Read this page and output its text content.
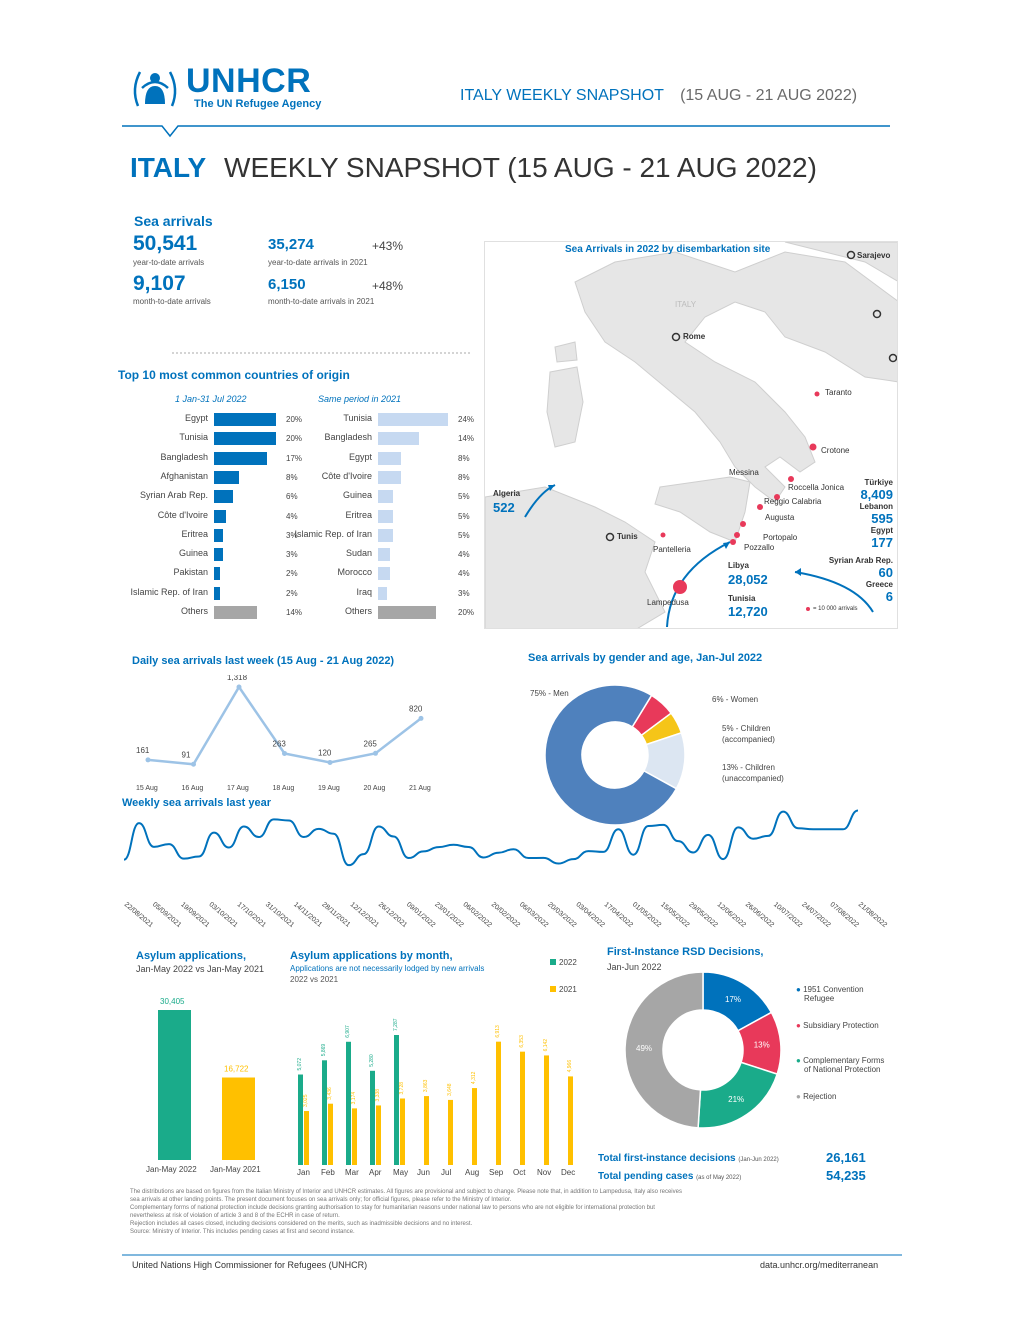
UNHCR
The UN Refugee Agency	ITALY WEEKLY SNAPSHOT (15 AUG - 21 AUG 2022)
ITALY WEEKLY SNAPSHOT (15 AUG - 21 AUG 2022)
Sea arrivals
50,541
year-to-date arrivals
35,274	+43%
year-to-date arrivals in 2021
9,107
month-to-date arrivals
6,150	+48%
month-to-date arrivals in 2021
Top 10 most common countries of origin
1 Jan-31 Jul 2022	Same period in 2021
Egypt	20%
Tunisia	20%
Bangladesh	17%
Afghanistan	8%
Syrian Arab Rep.	6%
Côte d'Ivoire	4%
Eritrea	3%
Guinea	3%
Pakistan	2%
Islamic Rep. of Iran	2%
Others	14%
Tunisia	24%
Bangladesh	14%
Egypt	8%
Côte d'Ivoire	8%
Guinea	5%
Eritrea	5%
Islamic Rep. of Iran	5%
Sudan	4%
Morocco	4%
Iraq	3%
Others	20%
Sea Arrivals in 2022 by disembarkation site
Sarajevo
Rome
ITALY
Taranto
Crotone
Messina
Roccella Jonica
Reggio Calabria
Augusta
Portopalo
Pozzallo
Pantelleria
Lampedusa
Tunis
Algeria
522
Libya
28,052
Tunisia
12,720
Türkiye
8,409
Lebanon
595
Egypt
177
Syrian Arab Rep.
60
Greece
6
= 10 000 arrivals
Daily sea arrivals last week (15 Aug - 21 Aug 2022)
161
15 Aug
91
16 Aug
1,318
17 Aug
263
18 Aug
120
19 Aug
265
20 Aug
820
21 Aug
Sea arrivals by gender and age, Jan-Jul 2022
75% - Men
6% - Women
5% - Children
(accompanied)
13% - Children
(unaccompanied)
Weekly sea arrivals last year
22/08/2021
05/09/2021
19/09/2021
03/10/2021
17/10/2021
31/10/2021
14/11/2021
28/11/2021
12/12/2021
26/12/2021
09/01/2022
23/01/2022
06/02/2022
20/02/2022
06/03/2022
20/03/2022
03/04/2022
17/04/2022
01/05/2022
15/05/2022
29/05/2022
12/06/2022
26/06/2022
10/07/2022
24/07/2022
07/08/2022
21/08/2022
Asylum applications,
Jan-May 2022 vs Jan-May 2021
30,405
Jan-May 2022
16,722
Jan-May 2021
Asylum applications by month,
Applications are not necessarily lodged by new arrivals
2022 vs 2021
2022
2021
5,072
3,025
Jan
5,869
3,436
Feb
6,907
3,174
Mar
5,280
3,338
Apr
7,287
3,728
May
3,863
Jun
3,648
Jul
4,312
Aug
6,913
Sep
6,353
Oct
6,142
Nov
4,966
Dec
First-Instance RSD Decisions,
Jan-Jun 2022
17%
13%
21%
49%
● 1951 Convention
Refugee
● Subsidiary Protection
● Complementary Forms
of National Protection
● Rejection
Total first-instance decisions (Jan-Jun 2022)	26,161
Total pending cases (as of May 2022)	54,235
The distributions are based on figures from the Italian Ministry of Interior and UNHCR estimates. All figures are provisional and subject to change. Please note that, in addition to Lampedusa, Italy also receives
sea arrivals at other landing points. The present document focuses on sea arrivals only; for official figures, please refer to the Ministry of Interior.
Complementary forms of national protection include decisions granting authorisation to stay for humanitarian reasons under national law to persons who are not eligible for international protection but
nevertheless at risk of violation of article 3 and 8 of the ECHR in case of return.
Rejection includes all cases closed, including decisions considered on the merits, such as inadmissible decisions and no interest.
Source: Ministry of Interior. This includes pending cases at first and second instance.
United Nations High Commissioner for Refugees (UNHCR)	data.unhcr.org/mediterranean
